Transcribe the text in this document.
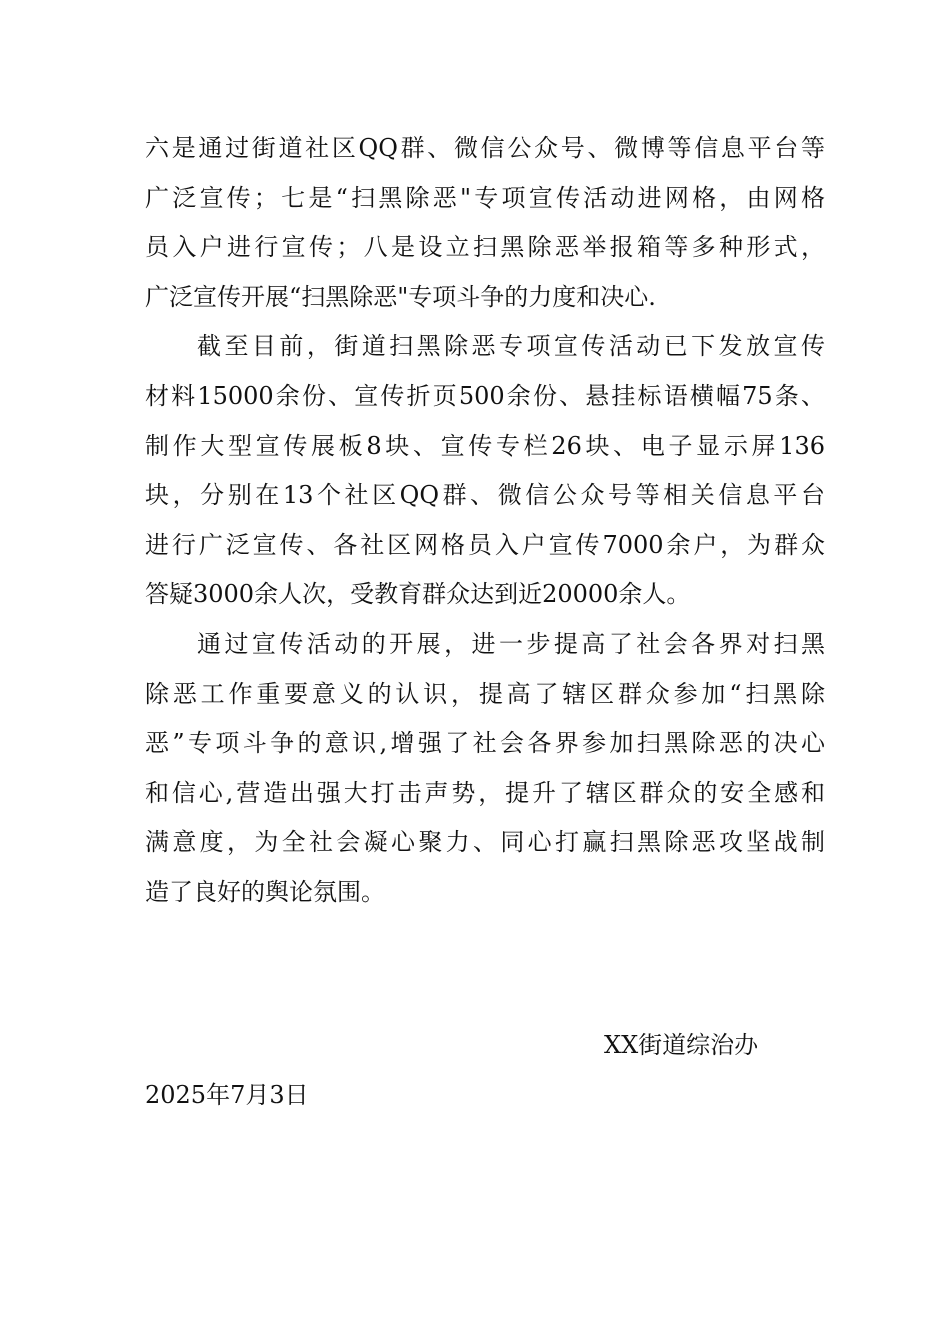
六是通过街道社区QQ群、微信公众号、微博等信息平台等
广泛宣传；七是“扫黑除恶"专项宣传活动进网格，由网格
员入户进行宣传；八是设立扫黑除恶举报箱等多种形式，
广泛宣传开展“扫黑除恶"专项斗争的力度和决心.
截至目前，街道扫黑除恶专项宣传活动已下发放宣传
材料15000余份、宣传折页500余份、悬挂标语横幅75条、
制作大型宣传展板8块、宣传专栏26块、电子显示屏136
块，分别在13个社区QQ群、微信公众号等相关信息平台
进行广泛宣传、各社区网格员入户宣传7000余户，为群众
答疑3000余人次，受教育群众达到近20000余人。
通过宣传活动的开展，进一步提高了社会各界对扫黑
除恶工作重要意义的认识，提高了辖区群众参加“扫黑除
恶”专项斗争的意识,增强了社会各界参加扫黑除恶的决心
和信心,营造出强大打击声势，提升了辖区群众的安全感和
满意度，为全社会凝心聚力、同心打赢扫黑除恶攻坚战制
造了良好的舆论氛围。
XX街道综治办
2025年7月3日
